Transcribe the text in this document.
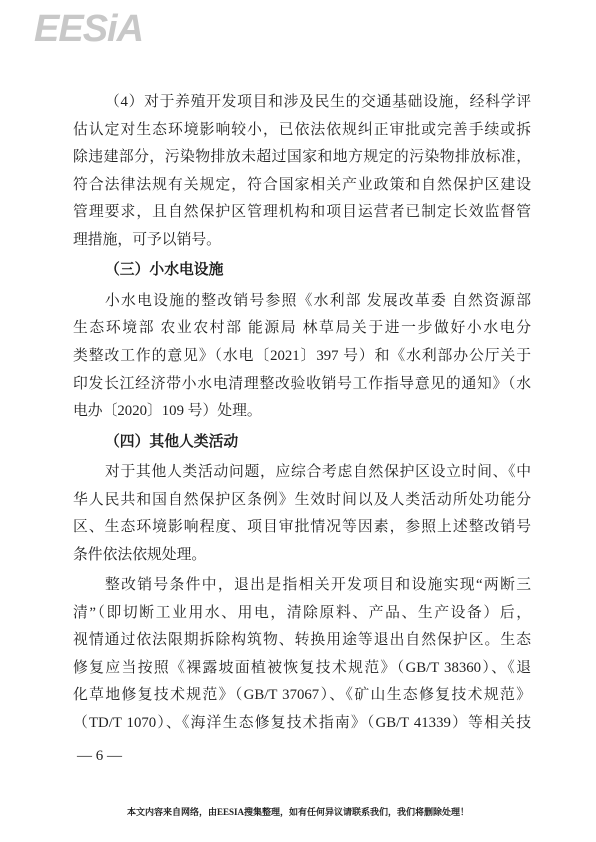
EESiA
（4）对于养殖开发项目和涉及民生的交通基础设施，经科学评
估认定对生态环境影响较小，已依法依规纠正审批或完善手续或拆
除违建部分，污染物排放未超过国家和地方规定的污染物排放标准，
符合法律法规有关规定，符合国家相关产业政策和自然保护区建设
管理要求，且自然保护区管理机构和项目运营者已制定长效监督管
理措施，可予以销号。
（三）小水电设施
小水电设施的整改销号参照《水利部 发展改革委 自然资源部
生态环境部 农业农村部 能源局 林草局关于进一步做好小水电分
类整改工作的意见》（水电〔2021〕397 号）和《水利部办公厅关于
印发长江经济带小水电清理整改验收销号工作指导意见的通知》（水
电办〔2020〕109 号）处理。
（四）其他人类活动
对于其他人类活动问题，应综合考虑自然保护区设立时间、《中
华人民共和国自然保护区条例》生效时间以及人类活动所处功能分
区、生态环境影响程度、项目审批情况等因素，参照上述整改销号
条件依法依规处理。
整改销号条件中，退出是指相关开发项目和设施实现“两断三
清”（即切断工业用水、用电，清除原料、产品、生产设备）后，
视情通过依法限期拆除构筑物、转换用途等退出自然保护区。生态
修复应当按照《裸露坡面植被恢复技术规范》（GB/T 38360）、《退
化草地修复技术规范》（GB/T 37067）、《矿山生态修复技术规范》
（TD/T 1070）、《海洋生态修复技术指南》（GB/T 41339）等相关技
— 6 —
本文内容来自网络，由EESIA搜集整理，如有任何异议请联系我们，我们将删除处理！
